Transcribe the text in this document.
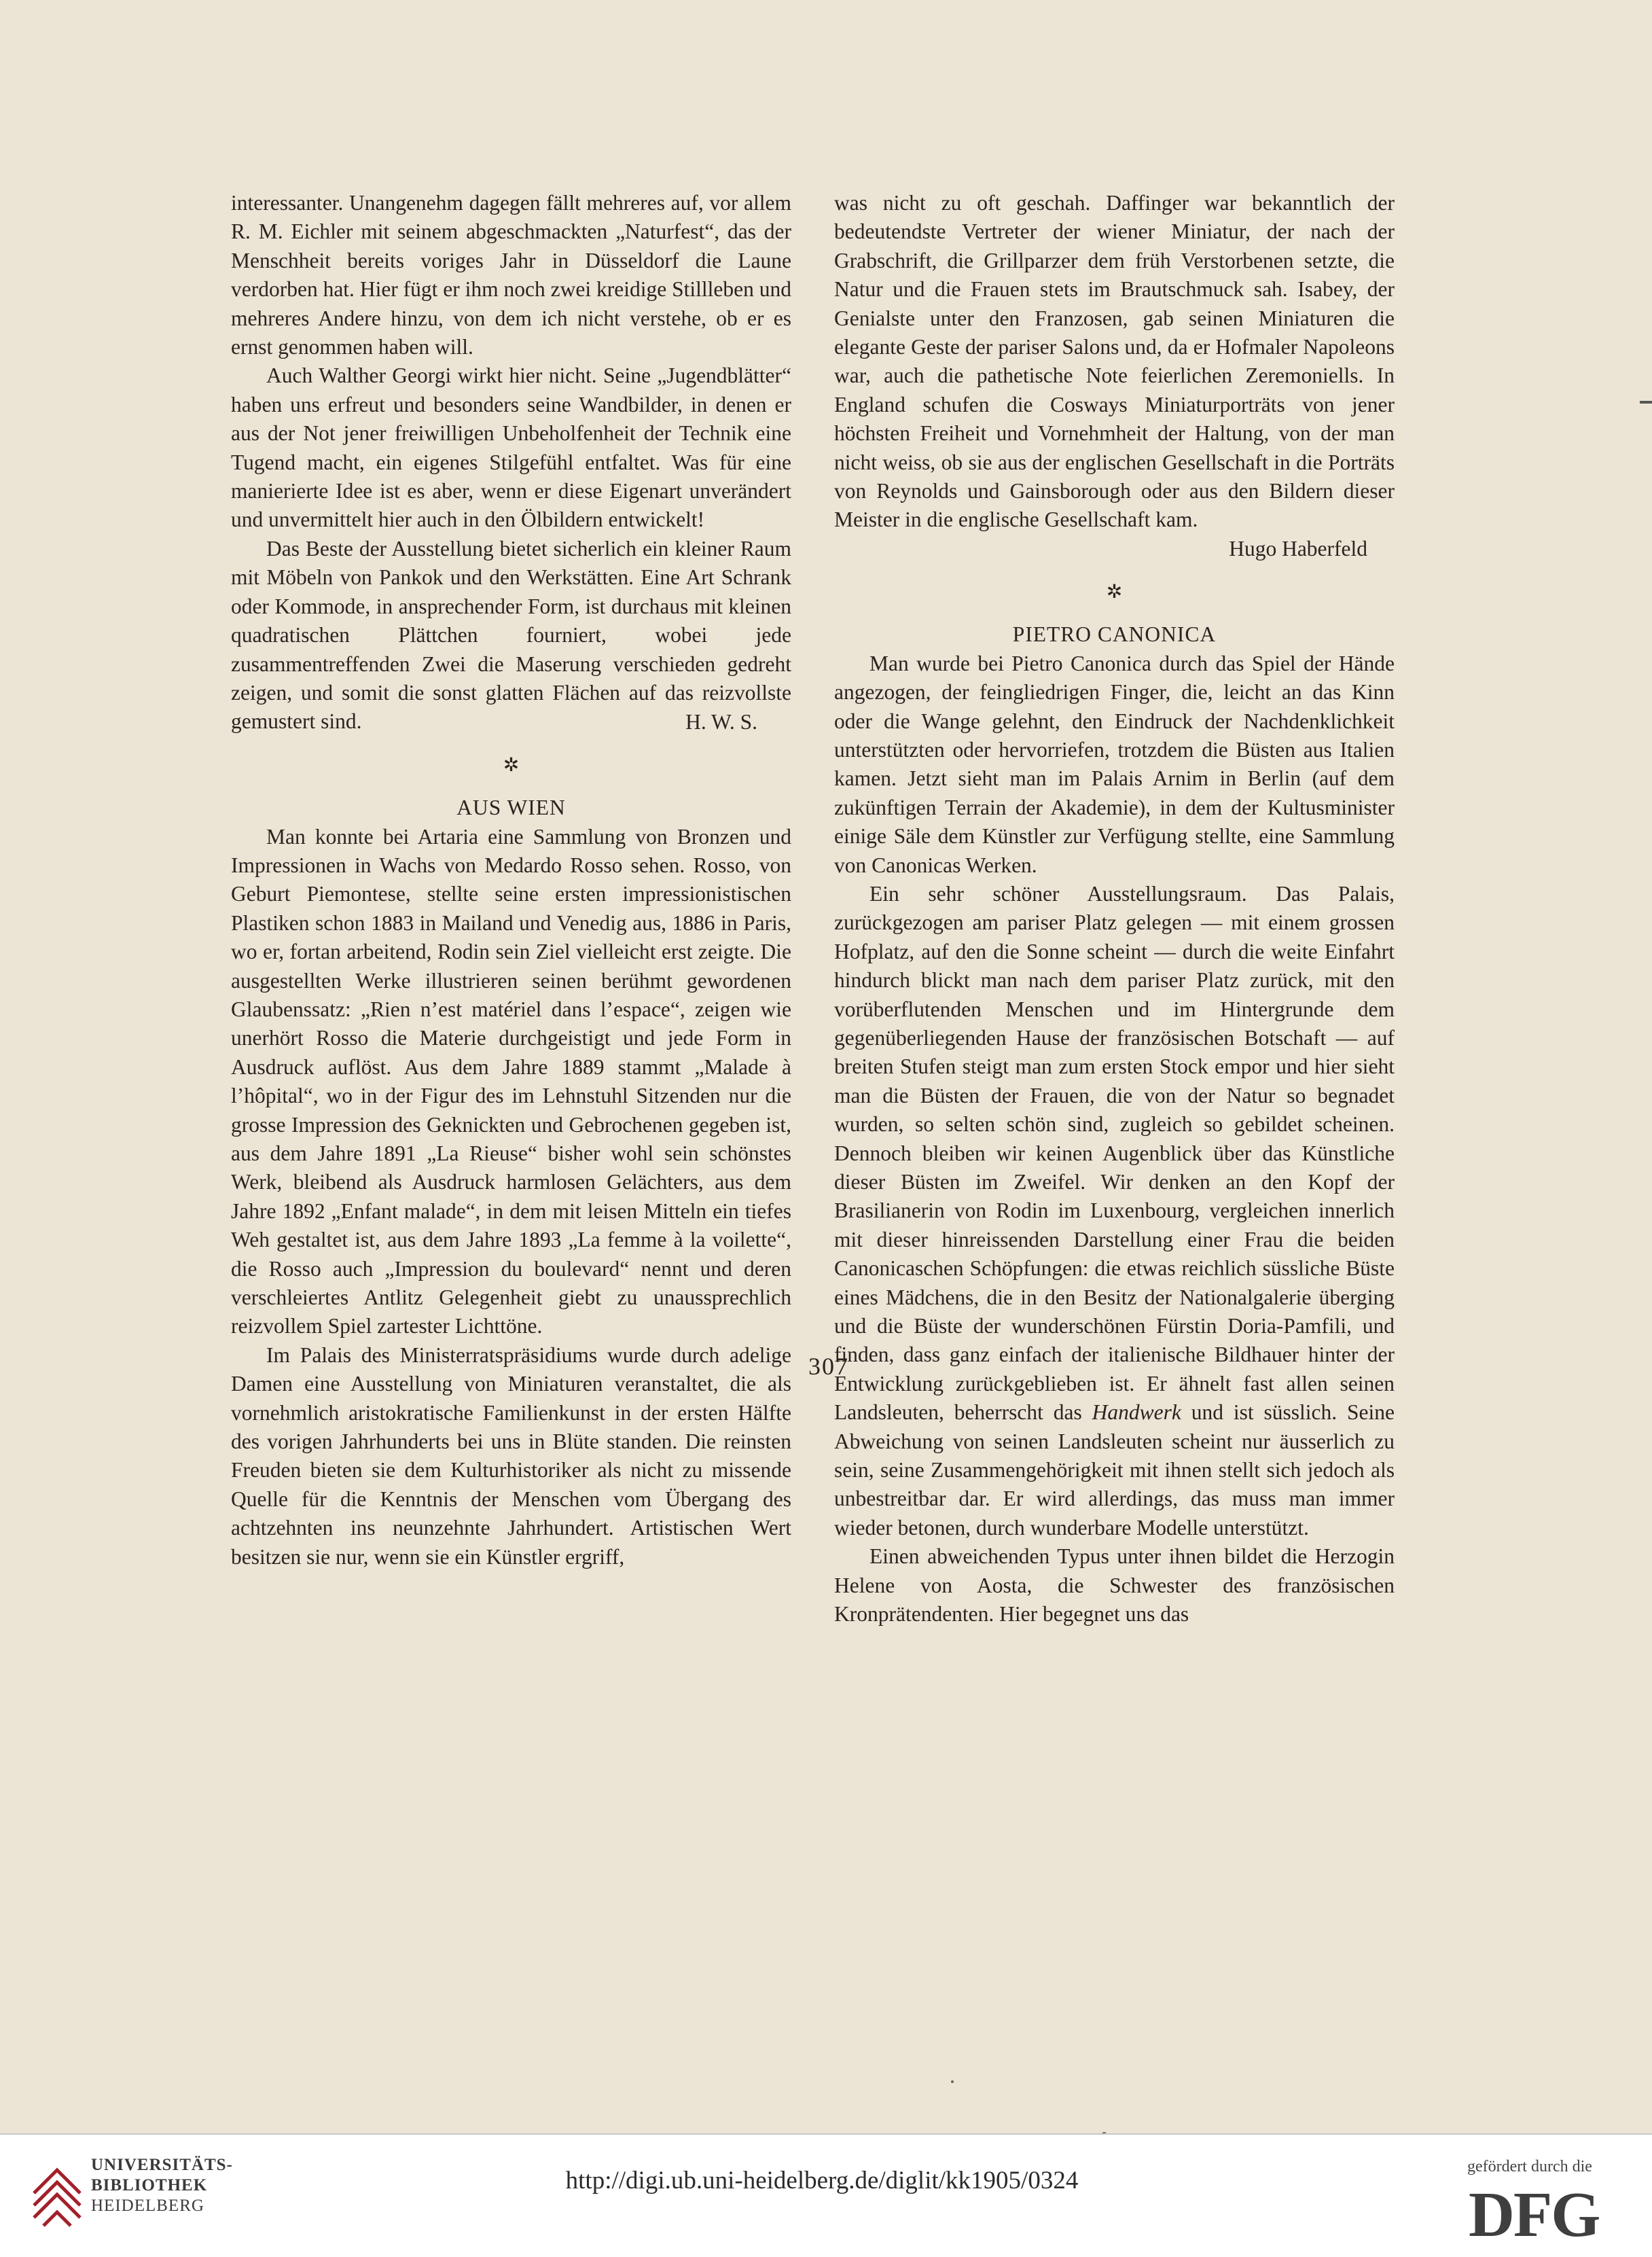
interessanter. Unangenehm dagegen fällt mehreres auf, vor allem R. M. Eichler mit seinem abgeschmackten „Naturfest“, das der Menschheit bereits voriges Jahr in Düsseldorf die Laune verdorben hat. Hier fügt er ihm noch zwei kreidige Stillleben und mehreres Andere hinzu, von dem ich nicht verstehe, ob er es ernst genommen haben will.

Auch Walther Georgi wirkt hier nicht. Seine „Jugendblätter“ haben uns erfreut und besonders seine Wandbilder, in denen er aus der Not jener freiwilligen Unbeholfenheit der Technik eine Tugend macht, ein eigenes Stilgefühl entfaltet. Was für eine manierierte Idee ist es aber, wenn er diese Eigenart unverändert und unvermittelt hier auch in den Ölbildern entwickelt!

Das Beste der Ausstellung bietet sicherlich ein kleiner Raum mit Möbeln von Pankok und den Werkstätten. Eine Art Schrank oder Kommode, in ansprechender Form, ist durchaus mit kleinen quadratischen Plättchen fourniert, wobei jede zusammentreffenden Zwei die Maserung verschieden gedreht zeigen, und somit die sonst glatten Flächen auf das reizvollste gemustert sind.	H. W. S.

✲
AUS WIEN

Man konnte bei Artaria eine Sammlung von Bronzen und Impressionen in Wachs von Medardo Rosso sehen. Rosso, von Geburt Piemontese, stellte seine ersten impressionistischen Plastiken schon 1883 in Mailand und Venedig aus, 1886 in Paris, wo er, fortan arbeitend, Rodin sein Ziel vielleicht erst zeigte. Die ausgestellten Werke illustrieren seinen berühmt gewordenen Glaubenssatz: „Rien n’est matériel dans l’espace“, zeigen wie unerhört Rosso die Materie durchgeistigt und jede Form in Ausdruck auflöst. Aus dem Jahre 1889 stammt „Malade à l’hôpital“, wo in der Figur des im Lehnstuhl Sitzenden nur die grosse Impression des Geknickten und Gebrochenen gegeben ist, aus dem Jahre 1891 „La Rieuse“ bisher wohl sein schönstes Werk, bleibend als Ausdruck harmlosen Gelächters, aus dem Jahre 1892 „Enfant malade“, in dem mit leisen Mitteln ein tiefes Weh gestaltet ist, aus dem Jahre 1893 „La femme à la voilette“, die Rosso auch „Impression du boulevard“ nennt und deren verschleiertes Antlitz Gelegenheit giebt zu unaussprechlich reizvollem Spiel zartester Lichttöne.

Im Palais des Ministerratspräsidiums wurde durch adelige Damen eine Ausstellung von Miniaturen veranstaltet, die als vornehmlich aristokratische Familienkunst in der ersten Hälfte des vorigen Jahrhunderts bei uns in Blüte standen. Die reinsten Freuden bieten sie dem Kulturhistoriker als nicht zu missende Quelle für die Kenntnis der Menschen vom Übergang des achtzehnten ins neunzehnte Jahrhundert. Artistischen Wert besitzen sie nur, wenn sie ein Künstler ergriff,

was nicht zu oft geschah. Daffinger war bekanntlich der bedeutendste Vertreter der wiener Miniatur, der nach der Grabschrift, die Grillparzer dem früh Verstorbenen setzte, die Natur und die Frauen stets im Brautschmuck sah. Isabey, der Genialste unter den Franzosen, gab seinen Miniaturen die elegante Geste der pariser Salons und, da er Hofmaler Napoleons war, auch die pathetische Note feierlichen Zeremoniells. In England schufen die Cosways Miniaturporträts von jener höchsten Freiheit und Vornehmheit der Haltung, von der man nicht weiss, ob sie aus der englischen Gesellschaft in die Porträts von Reynolds und Gainsborough oder aus den Bildern dieser Meister in die englische Gesellschaft kam.

Hugo Haberfeld

✲
PIETRO CANONICA

Man wurde bei Pietro Canonica durch das Spiel der Hände angezogen, der feingliedrigen Finger, die, leicht an das Kinn oder die Wange gelehnt, den Eindruck der Nachdenklichkeit unterstützten oder hervorriefen, trotzdem die Büsten aus Italien kamen. Jetzt sieht man im Palais Arnim in Berlin (auf dem zukünftigen Terrain der Akademie), in dem der Kultusminister einige Säle dem Künstler zur Verfügung stellte, eine Sammlung von Canonicas Werken.

Ein sehr schöner Ausstellungsraum. Das Palais, zurückgezogen am pariser Platz gelegen — mit einem grossen Hofplatz, auf den die Sonne scheint — durch die weite Einfahrt hindurch blickt man nach dem pariser Platz zurück, mit den vorüberflutenden Menschen und im Hintergrunde dem gegenüberliegenden Hause der französischen Botschaft — auf breiten Stufen steigt man zum ersten Stock empor und hier sieht man die Büsten der Frauen, die von der Natur so begnadet wurden, so selten schön sind, zugleich so gebildet scheinen. Dennoch bleiben wir keinen Augenblick über das Künstliche dieser Büsten im Zweifel. Wir denken an den Kopf der Brasilianerin von Rodin im Luxenbourg, vergleichen innerlich mit dieser hinreissenden Darstellung einer Frau die beiden Canonicaschen Schöpfungen: die etwas reichlich süssliche Büste eines Mädchens, die in den Besitz der Nationalgalerie überging und die Büste der wunderschönen Fürstin Doria-Pamfili, und finden, dass ganz einfach der italienische Bildhauer hinter der Entwicklung zurückgeblieben ist. Er ähnelt fast allen seinen Landsleuten, beherrscht das Handwerk und ist süsslich. Seine Abweichung von seinen Landsleuten scheint nur äusserlich zu sein, seine Zusammengehörigkeit mit ihnen stellt sich jedoch als unbestreitbar dar. Er wird allerdings, das muss man immer wieder betonen, durch wunderbare Modelle unterstützt.

Einen abweichenden Typus unter ihnen bildet die Herzogin Helene von Aosta, die Schwester des französischen Kronprätendenten. Hier begegnet uns das

307
UNIVERSITÄTS-
BIBLIOTHEK
HEIDELBERG
http://digi.ub.uni-heidelberg.de/diglit/kk1905/0324	gefördert durch die
DFG
